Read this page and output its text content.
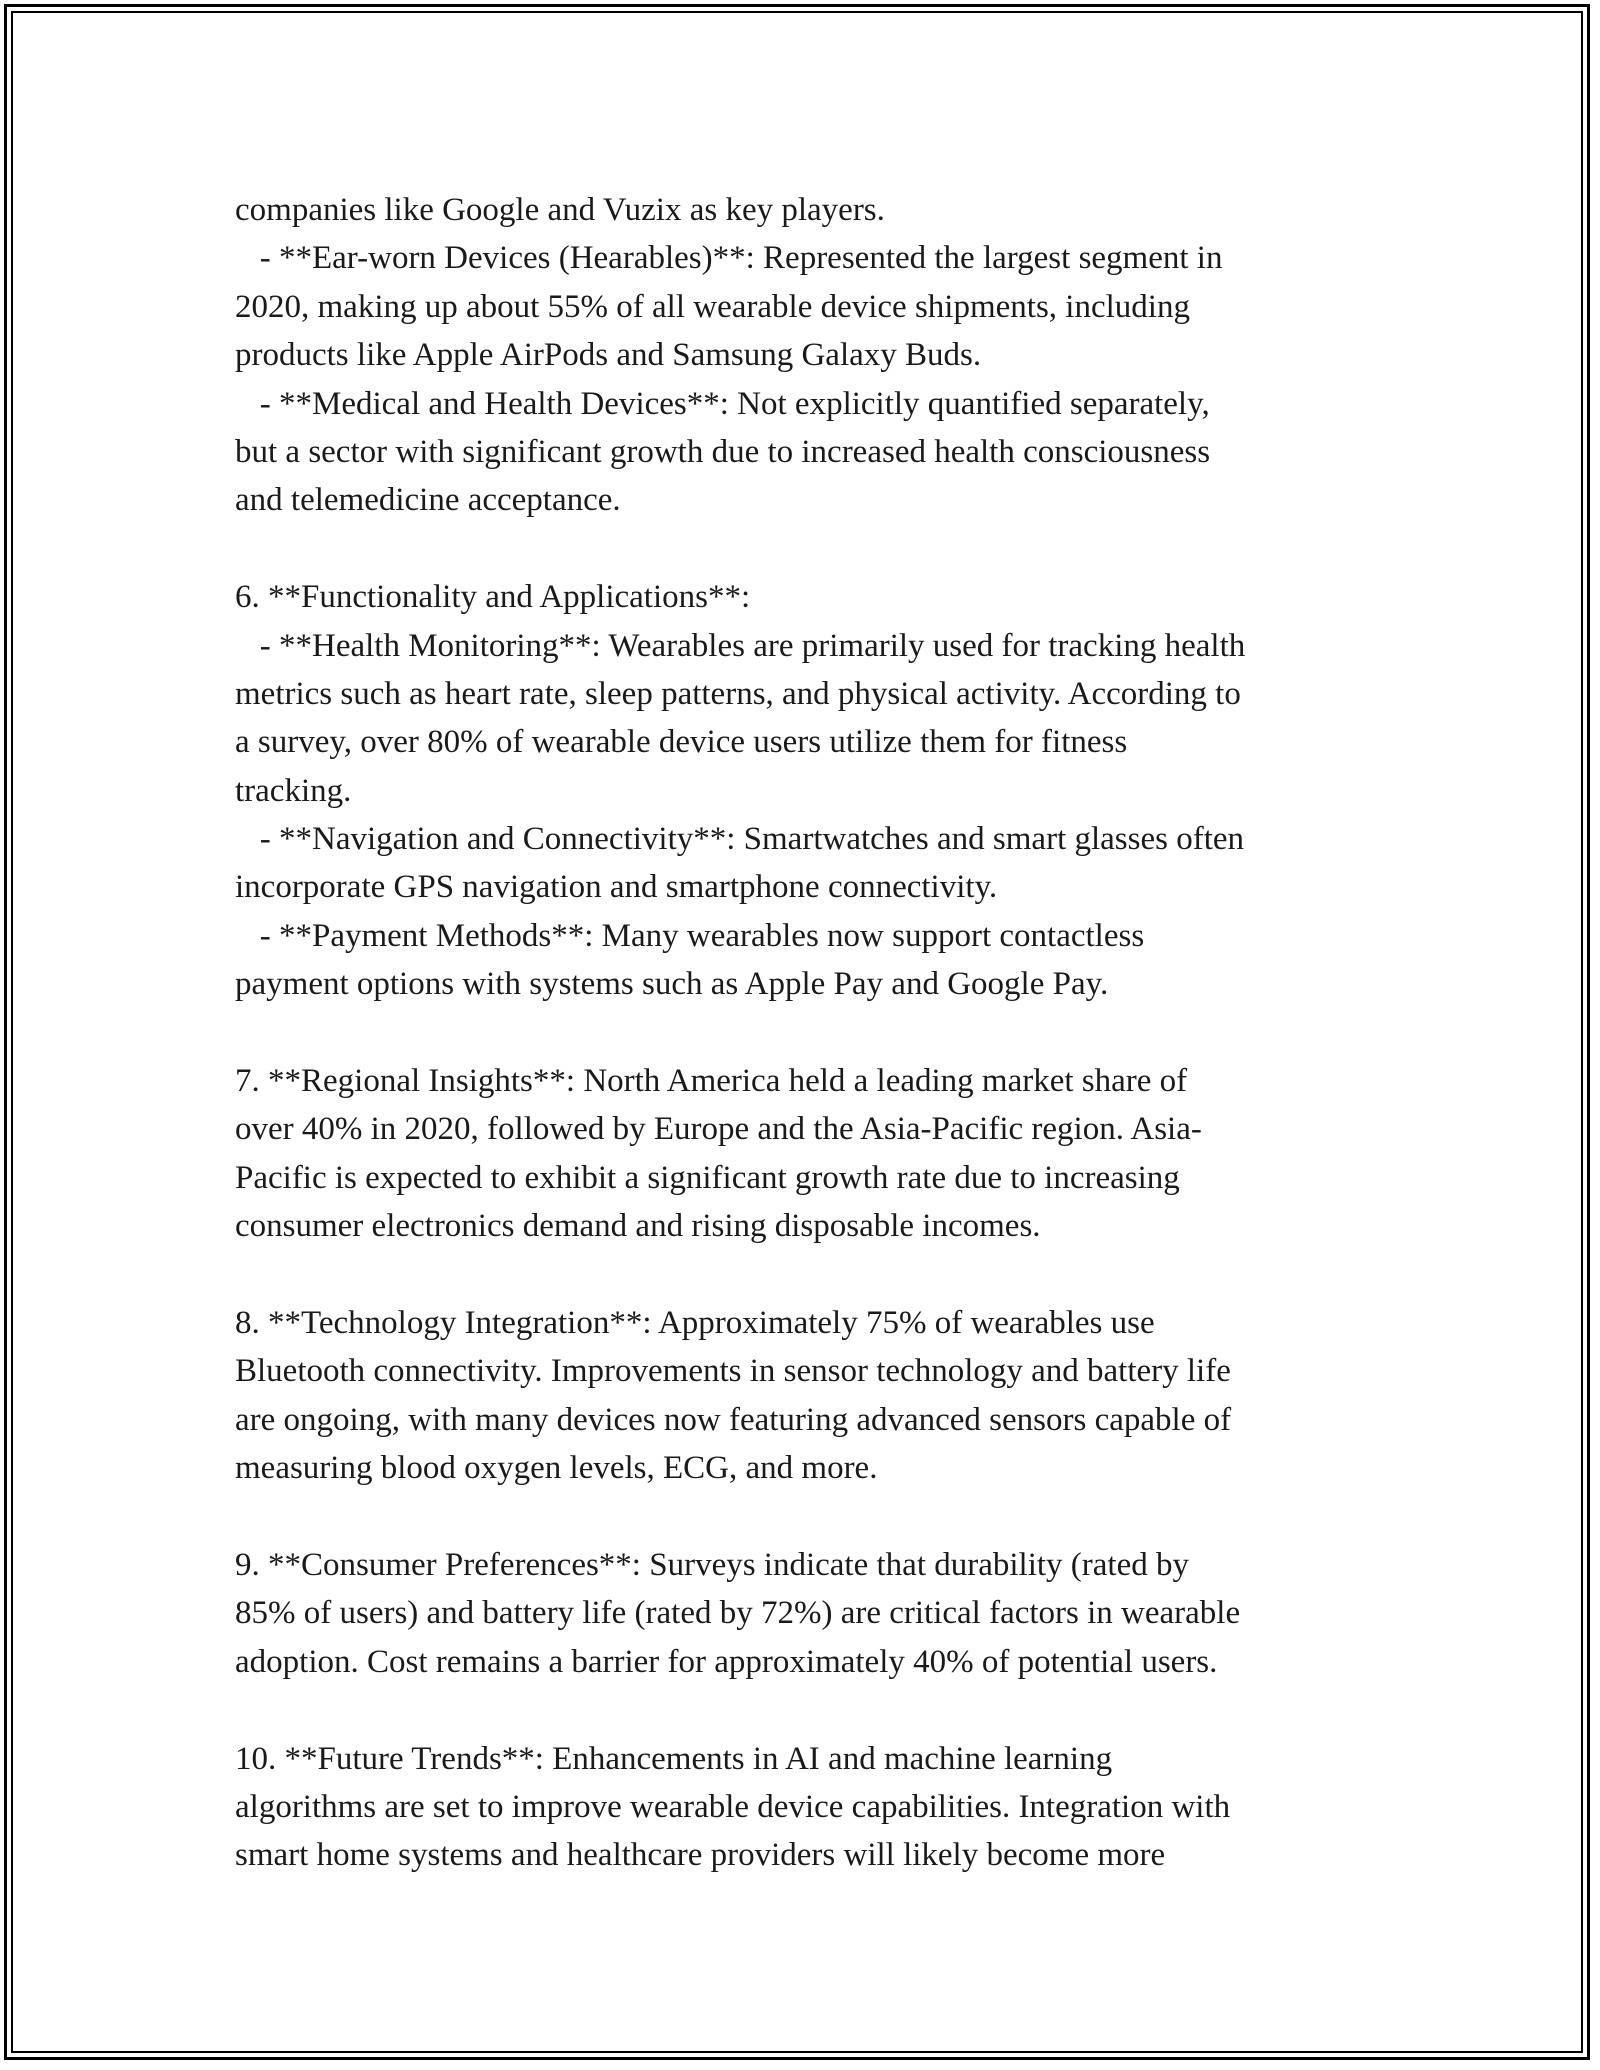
companies like Google and Vuzix as key players.
- **Ear-worn Devices (Hearables)**: Represented the largest segment in
2020, making up about 55% of all wearable device shipments, including
products like Apple AirPods and Samsung Galaxy Buds.
- **Medical and Health Devices**: Not explicitly quantified separately,
but a sector with significant growth due to increased health consciousness
and telemedicine acceptance.
6. **Functionality and Applications**:
- **Health Monitoring**: Wearables are primarily used for tracking health
metrics such as heart rate, sleep patterns, and physical activity. According to
a survey, over 80% of wearable device users utilize them for fitness
tracking.
- **Navigation and Connectivity**: Smartwatches and smart glasses often
incorporate GPS navigation and smartphone connectivity.
- **Payment Methods**: Many wearables now support contactless
payment options with systems such as Apple Pay and Google Pay.
7. **Regional Insights**: North America held a leading market share of
over 40% in 2020, followed by Europe and the Asia-Pacific region. Asia-
Pacific is expected to exhibit a significant growth rate due to increasing
consumer electronics demand and rising disposable incomes.
8. **Technology Integration**: Approximately 75% of wearables use
Bluetooth connectivity. Improvements in sensor technology and battery life
are ongoing, with many devices now featuring advanced sensors capable of
measuring blood oxygen levels, ECG, and more.
9. **Consumer Preferences**: Surveys indicate that durability (rated by
85% of users) and battery life (rated by 72%) are critical factors in wearable
adoption. Cost remains a barrier for approximately 40% of potential users.
10. **Future Trends**: Enhancements in AI and machine learning
algorithms are set to improve wearable device capabilities. Integration with
smart home systems and healthcare providers will likely become more
